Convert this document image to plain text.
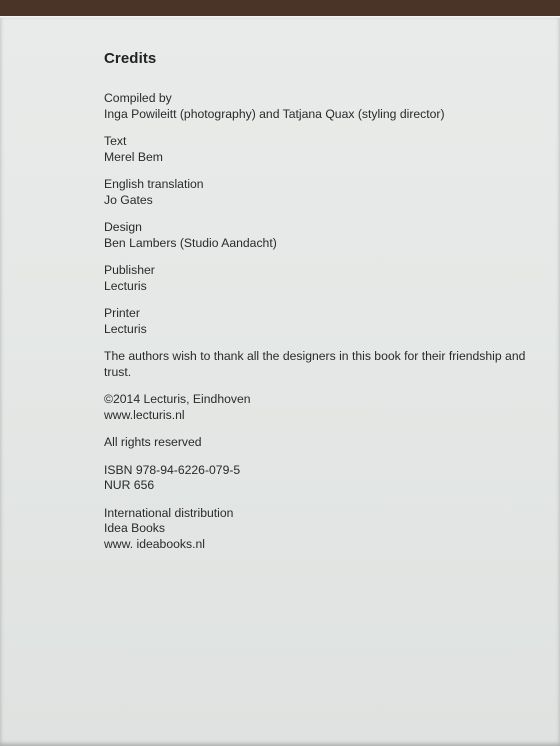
Credits
Compiled by
Inga Powileitt (photography) and Tatjana Quax (styling director)
Text
Merel Bem
English translation
Jo Gates
Design
Ben Lambers (Studio Aandacht)
Publisher
Lecturis
Printer
Lecturis
The authors wish to thank all the designers in this book for their friendship and trust.
©2014 Lecturis, Eindhoven
www.lecturis.nl
All rights reserved
ISBN 978-94-6226-079-5
NUR 656
International distribution
Idea Books
www. ideabooks.nl
